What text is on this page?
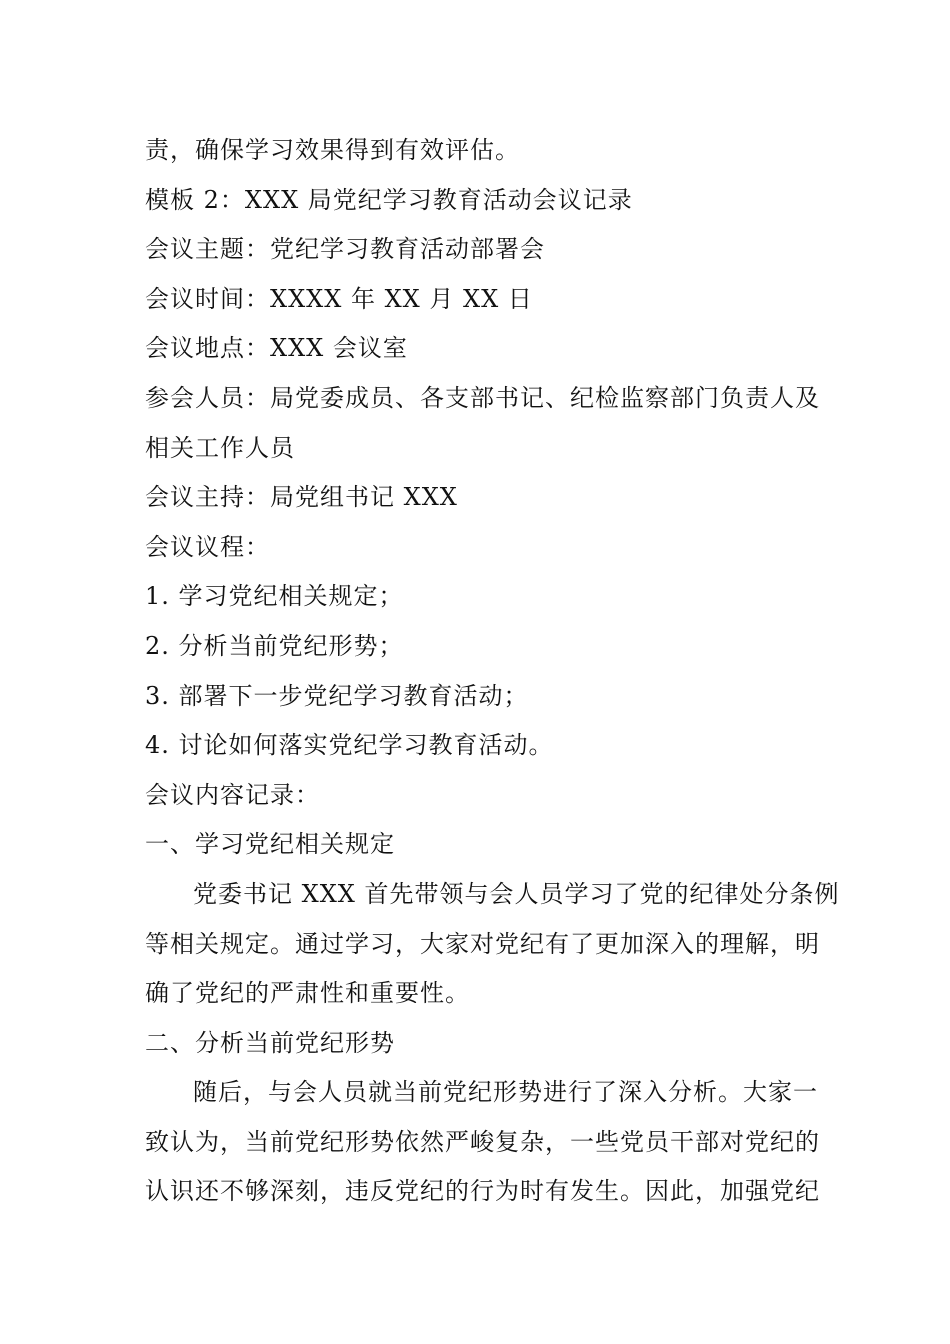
责，确保学习效果得到有效评估。
模板 2：XXX 局党纪学习教育活动会议记录
会议主题：党纪学习教育活动部署会
会议时间：XXXX 年 XX 月 XX 日
会议地点：XXX 会议室
参会人员：局党委成员、各支部书记、纪检监察部门负责人及
相关工作人员
会议主持：局党组书记 XXX
会议议程：
1. 学习党纪相关规定；
2. 分析当前党纪形势；
3. 部署下一步党纪学习教育活动；
4. 讨论如何落实党纪学习教育活动。
会议内容记录：
一、学习党纪相关规定
党委书记 XXX 首先带领与会人员学习了党的纪律处分条例
等相关规定。通过学习，大家对党纪有了更加深入的理解，明
确了党纪的严肃性和重要性。
二、分析当前党纪形势
随后，与会人员就当前党纪形势进行了深入分析。大家一
致认为，当前党纪形势依然严峻复杂，一些党员干部对党纪的
认识还不够深刻，违反党纪的行为时有发生。因此，加强党纪
